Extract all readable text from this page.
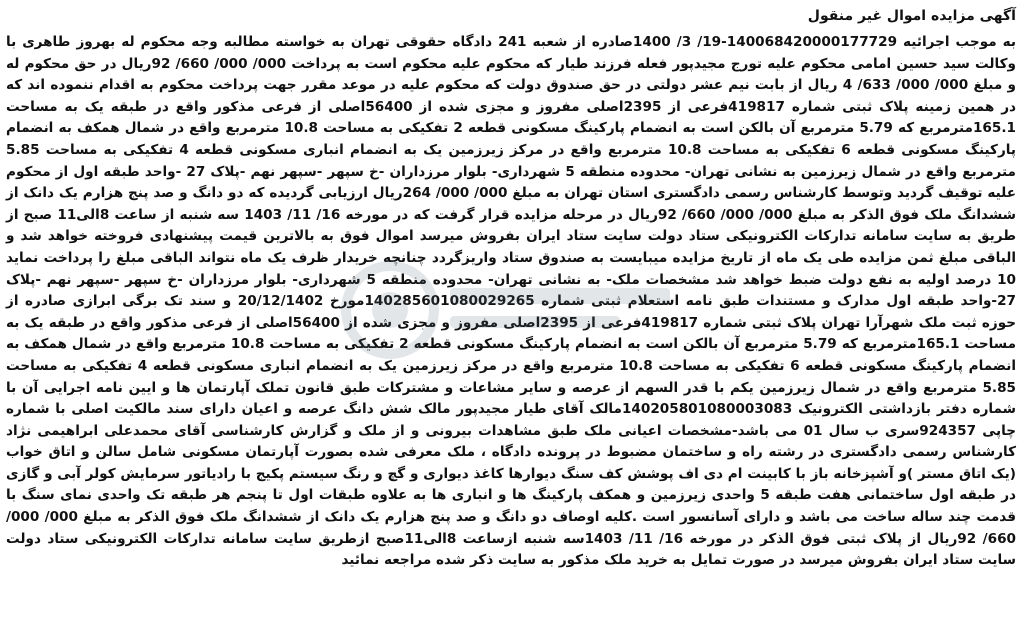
آگهی مزایده اموال غیر منقول

به موجب اجرائیه 140068420000177729-19/ 3/ 1400صادره از شعبه 241 دادگاه حقوقی تهران به خواسته مطالبه وجه محکوم له بهروز طاهری با وکالت سید حسین امامی محکوم علیه تورج مجیدپور فعله فرزند طیار که محکوم علیه محکوم است به پرداخت 000/ 000/ 660/ 92ریال در حق محکوم له و مبلغ 000/ 000/ 633/ 4 ریال از بابت نیم عشر دولتی در حق صندوق دولت که محکوم علیه در موعد مقرر جهت پرداخت محکوم به اقدام ننموده اند که در همین زمینه پلاک ثبتی شماره 419817فرعی از 2395اصلی مفروز و مجزی شده از 56400اصلی از فرعی مذکور واقع در طبقه یک به مساحت 165.1مترمربع که 5.79 مترمربع آن بالکن است به انضمام پارکینگ مسکونی قطعه 2 تفکیکی به مساحت 10.8 مترمربع واقع در شمال همکف به انضمام پارکینگ مسکونی قطعه 6 تفکیکی به مساحت 10.8 مترمربع واقع در مرکز زیرزمین یک به انضمام انباری مسکونی قطعه 4 تفکیکی به مساحت 5.85 مترمربع واقع در شمال زیرزمین به نشانی تهران- محدوده منطقه 5 شهرداری- بلوار مرزداران -خ سپهر -سپهر نهم -پلاک 27 -واحد طبقه اول از محکوم علیه توقیف گردید وتوسط کارشناس رسمی دادگستری استان تهران به مبلغ 000/ 000/ 264ریال ارزیابی گردیده که دو دانگ و صد پنج هزارم یک دانک از ششدانگ ملک فوق الذکر به مبلغ 000/ 000/ 660/ 92ریال در مرحله مزایده قرار گرفت که در مورخه 16/ 11/ 1403 سه شنبه از ساعت 8الی11 صبح از طریق به سایت سامانه تدارکات الکترونیکی ستاد دولت سایت ستاد ایران بفروش میرسد اموال فوق به بالاترین قیمت پیشنهادی فروخته خواهد شد و الباقی مبلغ ثمن مزایده طی یک ماه از تاریخ مزایده میبایست به صندوق ستاد واریزگردد چنانچه خریدار ظرف یک ماه نتواند الباقی مبلغ را پرداخت نماید 10 درصد اولیه به نفع دولت ضبط خواهد شد مشخصات ملک- به نشانی تهران- محدوده منطقه 5 شهرداری- بلوار مرزداران -خ سپهر -سپهر نهم -پلاک 27-واحد طبقه اول مدارک و مستندات طبق نامه استعلام ثبتی شماره 140285601080029265مورخ 20/12/1402 و سند تک برگی ابرازی صادره از حوزه ثبت ملک شهرآرا تهران پلاک ثبتی شماره 419817فرعی از 2395اصلی مفروز و مجزی شده از 56400اصلی از فرعی مذکور واقع در طبقه یک به مساحت 165.1مترمربع که 5.79 مترمربع آن بالکن است به انضمام پارکینگ مسکونی قطعه 2 تفکیکی به مساحت 10.8 مترمربع واقع در شمال همکف به انضمام پارکینگ مسکونی قطعه 6 تفکیکی به مساحت 10.8 مترمربع واقع در مرکز زیرزمین یک به انضمام انباری مسکونی قطعه 4 تفکیکی به مساحت 5.85 مترمربع واقع در شمال زیرزمین یکم با قدر السهم از عرصه و سایر مشاعات و مشترکات طبق قانون تملک آپارتمان ها و ایین نامه اجرایی آن با شماره دفتر بازداشتی الکترونیک 140205801080003083مالک آقای طیار مجیدپور مالک شش دانگ عرصه و اعیان دارای سند مالکیت اصلی با شماره چاپی 924357سری ب سال 01 می باشد-مشخصات اعیانی ملک طبق مشاهدات بیرونی و از ملک و گزارش کارشناسی آقای محمدعلی ابراهیمی نژاد کارشناس رسمی دادگستری در رشته راه و ساختمان مضبوط در پرونده دادگاه ، ملک معرفی شده بصورت آپارتمان مسکونی شامل سالن و اتاق خواب (یک اتاق مستر )و آشپزخانه باز با کابینت ام دی اف پوشش کف سنگ دیوارها کاغذ دیواری و گچ و رنگ سیستم پکیج با رادیاتور سرمایش کولر آبی و گازی در طبقه اول ساختمانی هفت طبقه 5 واحدی زیرزمین و همکف پارکینگ ها و انباری ها به علاوه طبقات اول تا پنجم هر طبقه تک واحدی نمای سنگ با قدمت چند ساله ساخت می باشد و دارای آسانسور است .کلیه اوصاف دو دانگ و صد پنج هزارم یک دانک از ششدانگ ملک فوق الذکر به مبلغ 000/ 000/ 660/ 92ریال از پلاک ثبتی فوق الذکر در مورخه 16/ 11/ 1403سه شنبه ازساعت 8الی11صبح ازطریق سایت سامانه تدارکات الکترونیکی ستاد دولت سایت ستاد ایران بفروش میرسد در صورت تمایل به خرید ملک مذکور به سایت ذکر شده مراجعه نمائید
